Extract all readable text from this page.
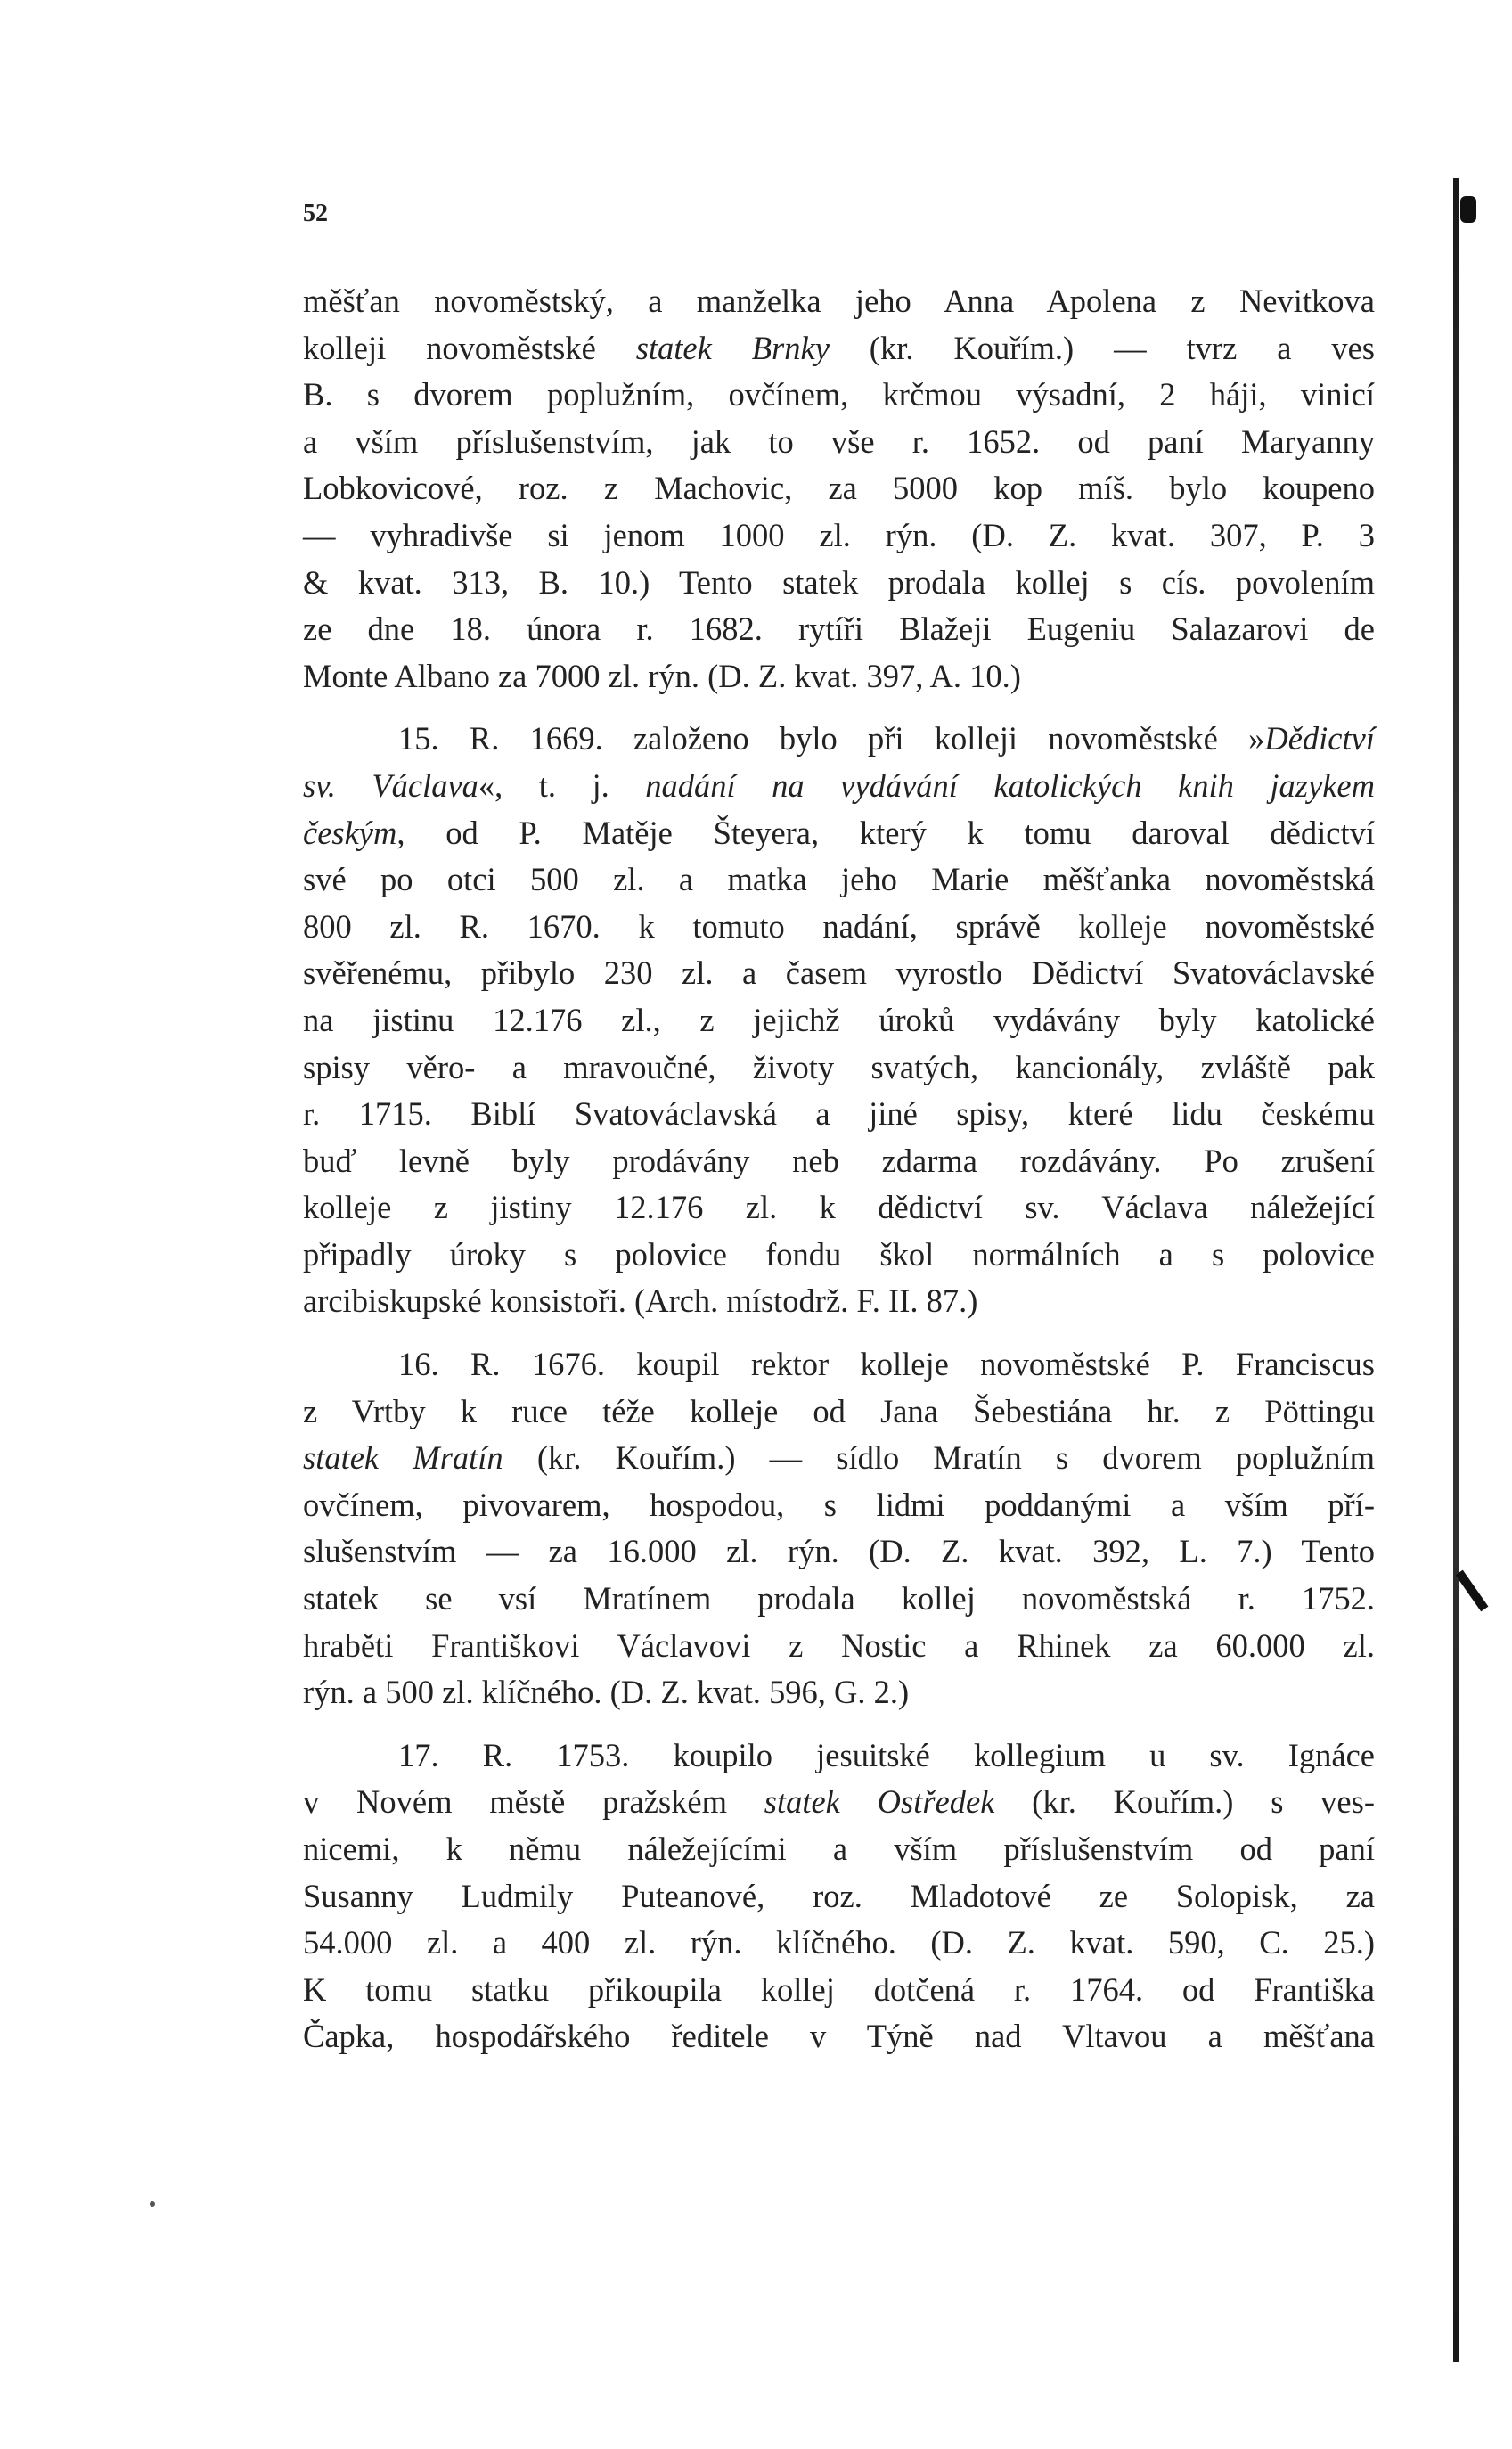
52
měšťan novoměstský, a manželka jeho Anna Apolena z Nevitkova
kolleji novoměstské statek Brnky (kr. Kouřím.) — tvrz a ves
B. s dvorem poplužním, ovčínem, krčmou výsadní, 2 háji, vinicí
a vším příslušenstvím, jak to vše r. 1652. od paní Maryanny
Lobkovicové, roz. z Machovic, za 5000 kop míš. bylo koupeno
— vyhradivše si jenom 1000 zl. rýn. (D. Z. kvat. 307, P. 3
& kvat. 313, B. 10.) Tento statek prodala kollej s cís. povolením
ze dne 18. února r. 1682. rytíři Blažeji Eugeniu Salazarovi de
Monte Albano za 7000 zl. rýn. (D. Z. kvat. 397, A. 10.)
15. R. 1669. založeno bylo při kolleji novoměstské »Dědictví
sv. Václava«, t. j. nadání na vydávání katolických knih jazykem
českým, od P. Matěje Šteyera, který k tomu daroval dědictví
své po otci 500 zl. a matka jeho Marie měšťanka novoměstská
800 zl. R. 1670. k tomuto nadání, správě kolleje novoměstské
svěřenému, přibylo 230 zl. a časem vyrostlo Dědictví Svatováclavské
na jistinu 12.176 zl., z jejichž úroků vydávány byly katolické
spisy věro- a mravoučné, životy svatých, kancionály, zvláště pak
r. 1715. Biblí Svatováclavská a jiné spisy, které lidu českému
buď levně byly prodávány neb zdarma rozdávány. Po zrušení
kolleje z jistiny 12.176 zl. k dědictví sv. Václava náležející
připadly úroky s polovice fondu škol normálních a s polovice
arcibiskupské konsistoři. (Arch. místodrž. F. II. 87.)
16. R. 1676. koupil rektor kolleje novoměstské P. Franciscus
z Vrtby k ruce téže kolleje od Jana Šebestiána hr. z Pöttingu
statek Mratín (kr. Kouřím.) — sídlo Mratín s dvorem poplužním
ovčínem, pivovarem, hospodou, s lidmi poddanými a vším pří-
slušenstvím — za 16.000 zl. rýn. (D. Z. kvat. 392, L. 7.) Tento
statek se vsí Mratínem prodala kollej novoměstská r. 1752.
hraběti Františkovi Václavovi z Nostic a Rhinek za 60.000 zl.
rýn. a 500 zl. klíčného. (D. Z. kvat. 596, G. 2.)
17. R. 1753. koupilo jesuitské kollegium u sv. Ignáce
v Novém městě pražském statek Ostředek (kr. Kouřím.) s ves-
nicemi, k němu náležejícími a vším příslušenstvím od paní
Susanny Ludmily Puteanové, roz. Mladotové ze Solopisk, za
54.000 zl. a 400 zl. rýn. klíčného. (D. Z. kvat. 590, C. 25.)
K tomu statku přikoupila kollej dotčená r. 1764. od Františka
Čapka, hospodářského ředitele v Týně nad Vltavou a měšťana
